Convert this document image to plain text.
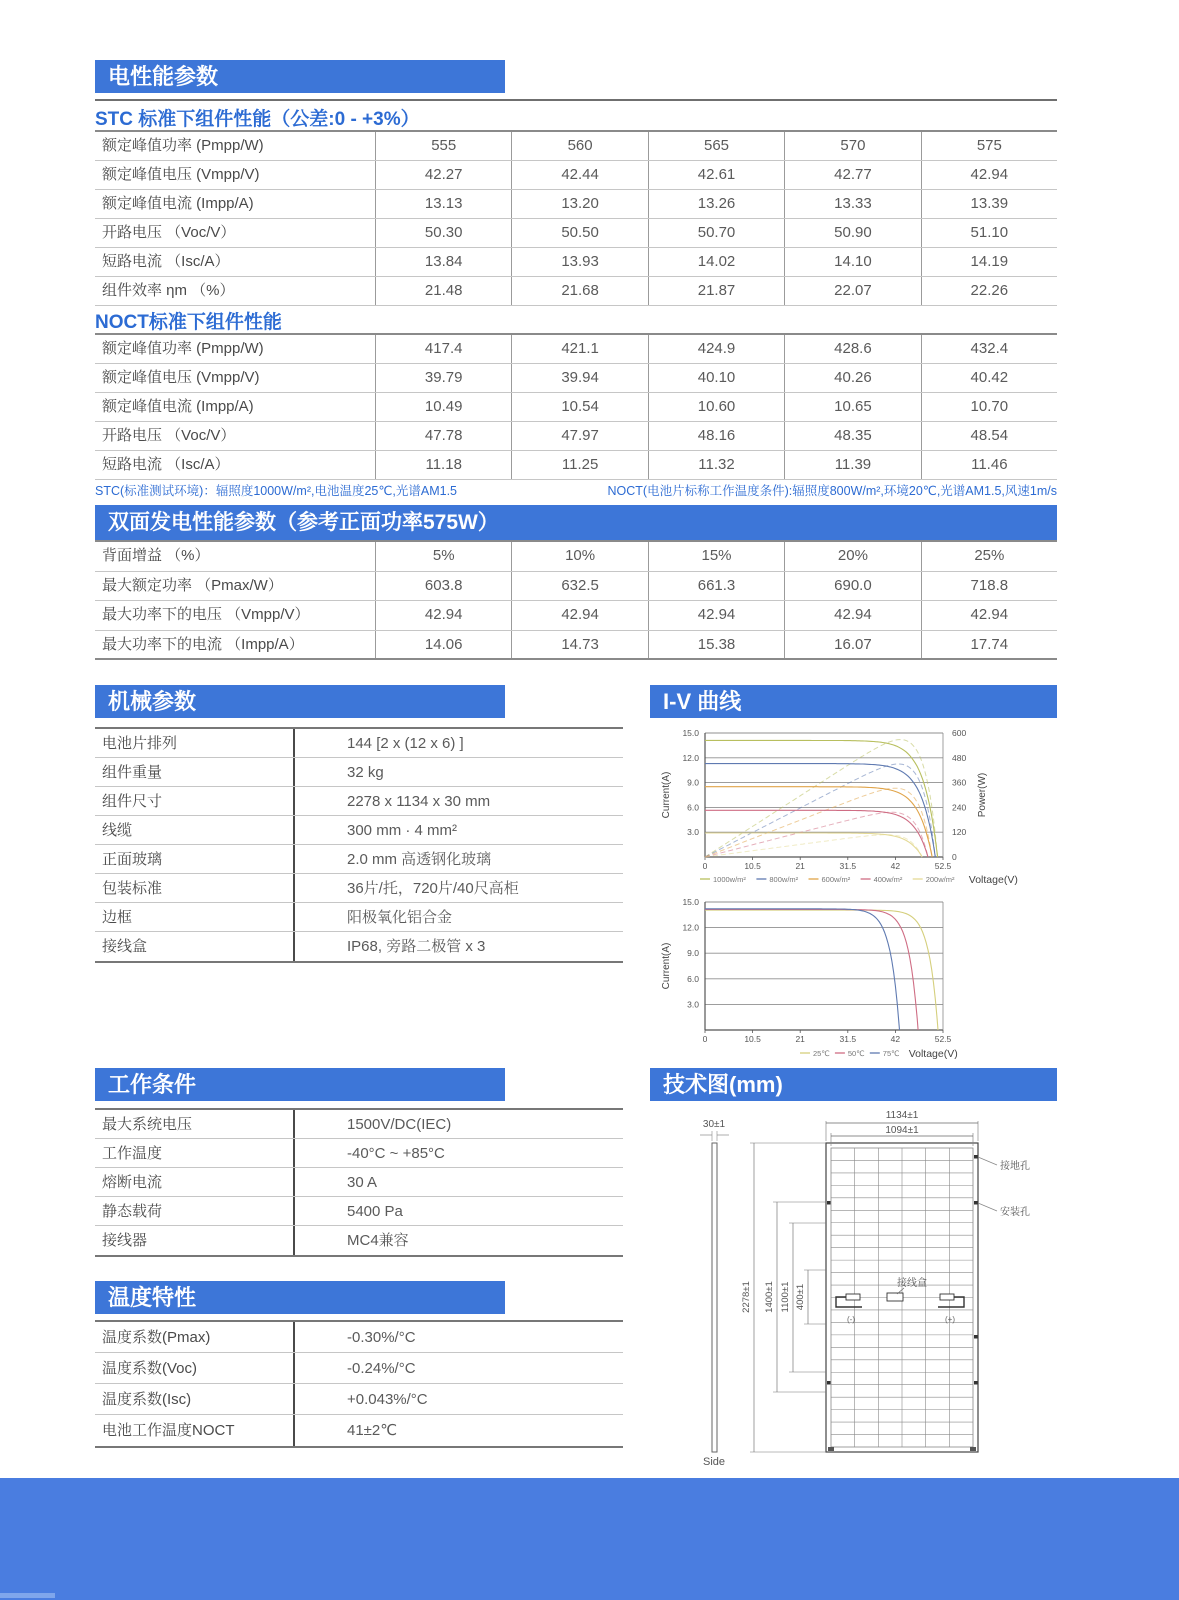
电性能参数
STC 标准下组件性能（公差:0 - +3%）
额定峰值功率 (Pmpp/W)	555	560	565	570	575
额定峰值电压 (Vmpp/V)	42.27	42.44	42.61	42.77	42.94
额定峰值电流 (Impp/A)	13.13	13.20	13.26	13.33	13.39
开路电压 （Voc/V）	50.30	50.50	50.70	50.90	51.10
短路电流 （Isc/A）	13.84	13.93	14.02	14.10	14.19
组件效率 ηm （%）	21.48	21.68	21.87	22.07	22.26
NOCT标准下组件性能
额定峰值功率 (Pmpp/W)	417.4	421.1	424.9	428.6	432.4
额定峰值电压 (Vmpp/V)	39.79	39.94	40.10	40.26	40.42
额定峰值电流 (Impp/A)	10.49	10.54	10.60	10.65	10.70
开路电压 （Voc/V）	47.78	47.97	48.16	48.35	48.54
短路电流 （Isc/A）	11.18	11.25	11.32	11.39	11.46
STC(标准测试环境)：辐照度1000W/m²,电池温度25℃,光谱AM1.5	NOCT(电池片标称工作温度条件):辐照度800W/m²,环境20℃,光谱AM1.5,风速1m/s
双面发电性能参数（参考正面功率575W）
背面增益 （%）	5%	10%	15%	20%	25%
最大额定功率 （Pmax/W）	603.8	632.5	661.3	690.0	718.8
最大功率下的电压 （Vmpp/V）	42.94	42.94	42.94	42.94	42.94
最大功率下的电流 （Impp/A）	14.06	14.73	15.38	16.07	17.74
机械参数	I-V 曲线
电池片排列	144 [2 x (12 x 6) ]
组件重量	32 kg
组件尺寸	2278 x 1134 x 30 mm
线缆	300 mm · 4 mm²
正面玻璃	2.0 mm 高透钢化玻璃
包装标准	36片/托，720片/40尺高柜
边框	阳极氧化铝合金
接线盒	IP68, 旁路二极管 x 3
3.0
6.0
9.0
12.0
15.0
0
120
240
360
480
600
0	10.5	21	31.5	42	52.5
Current(A)	Power(W)
1000w/m²	800w/m²	600w/m²	400w/m²	200w/m² Voltage(V)
3.0
6.0
9.0
12.0
15.0
0	10.5	21	31.5	42	52.5
Current(A)
25℃ 50℃ 75℃ Voltage(V)
工作条件	技术图(mm)
最大系统电压	1500V/DC(IEC)
工作温度	-40°C ~ +85°C
熔断电流	30 A
静态载荷	5400 Pa
接线器	MC4兼容
30±1
Side
1134±1
1094±1
2278±1 1400±1 1100±1 400±1
接地孔
安装孔
接线盒
(-)	(+)
温度特性
温度系数(Pmax)	-0.30%/°C
温度系数(Voc)	-0.24%/°C
温度系数(Isc)	+0.043%/°C
电池工作温度NOCT	41±2℃
